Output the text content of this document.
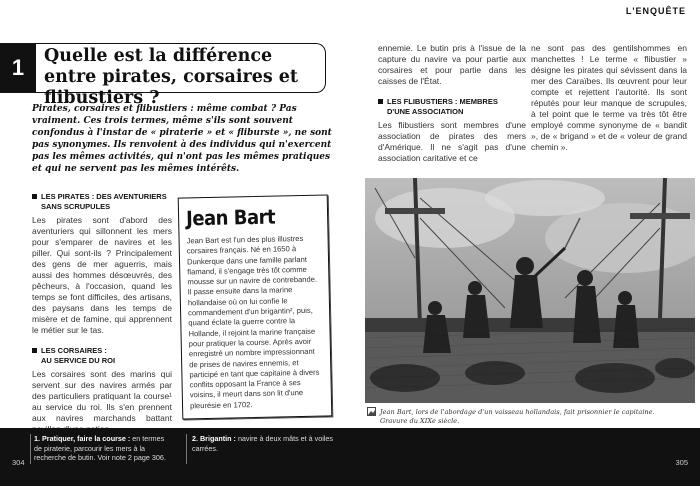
L'ENQUÊTE
1	Quelle est la différence entre pirates, corsaires et flibustiers ?
Pirates, corsaires et flibustiers : même combat ? Pas vraiment. Ces trois termes, même s'ils sont souvent confondus à l'instar de « piraterie » et « fliburste », ne sont pas synonymes. Ils renvoient à des individus qui n'exercent pas les mêmes activités, qui n'ont pas les mêmes pratiques et qui ne servent pas les mêmes intérêts.
LES PIRATES : DES AVENTURIERS
SANS SCRUPULES

Les pirates sont d'abord des aventuriers qui sillonnent les mers pour s'emparer de navires et les piller. Qui sont-ils ? Principalement des gens de mer aguerris, mais aussi des hommes désœuvrés, des pêcheurs, à l'occasion, quand les temps se font difficiles, des artisans, des paysans dans les temps de misère et de famine, qui apprennent le métier sur le tas.

LES CORSAIRES :
AU SERVICE DU ROI

Les corsaires sont des marins qui servent sur des navires armés par des particuliers pratiquant la course¹ au service du roi. Ils s'en prennent aux navires marchands battant

Jean Bart

Jean Bart est l'un des plus illustres corsaires français. Né en 1650 à Dunkerque dans une famille parlant flamand, il s'engage très tôt comme mousse sur un navire de contrebande. Il passe ensuite dans la marine hollandaise où on lui confie le commandement d'un brigantin², puis, quand éclate la guerre contre la Hollande, il rejoint la marine française pour pratiquer la course. Après avoir enregistré un nombre impressionnant de prises de navires ennemis, et participé en tant que capitaine à divers conflits opposant la France à ses voisins, il meurt dans son lit d'une pleurésie en 1702.

ennemie. Le butin pris à l'issue de la capture du navire va pour partie aux corsaires et pour partie dans les caisses de l'État.

LES FLIBUSTIERS : MEMBRES
D'UNE ASSOCIATION

Les flibustiers sont membres d'une association de pirates des mers d'Amérique. Il ne s'agit pas d'une association caritative et ce

ne sont pas des gentilshommes en manchettes ! Le terme « flibustier » désigne les pirates qui sévissent dans la mer des Caraïbes. Ils œuvrent pour leur compte et rejettent l'autorité. Ils sont réputés pour leur manque de scrupules, à tel point que le terme va très tôt être employé comme synonyme de « bandit », de « brigand » et de « voleur de grand chemin ».

Jean Bart, lors de l'abordage d'un vaisseau hollandais, fait prisonnier le capitaine. Gravure du XIXe siècle.
1. Pratiquer, faire la course : en termes de piraterie, parcourir les mers à la recherche de butin. Voir note 2 page 306.
2. Brigantin : navire à deux mâts et à voiles carrées.
304	305
